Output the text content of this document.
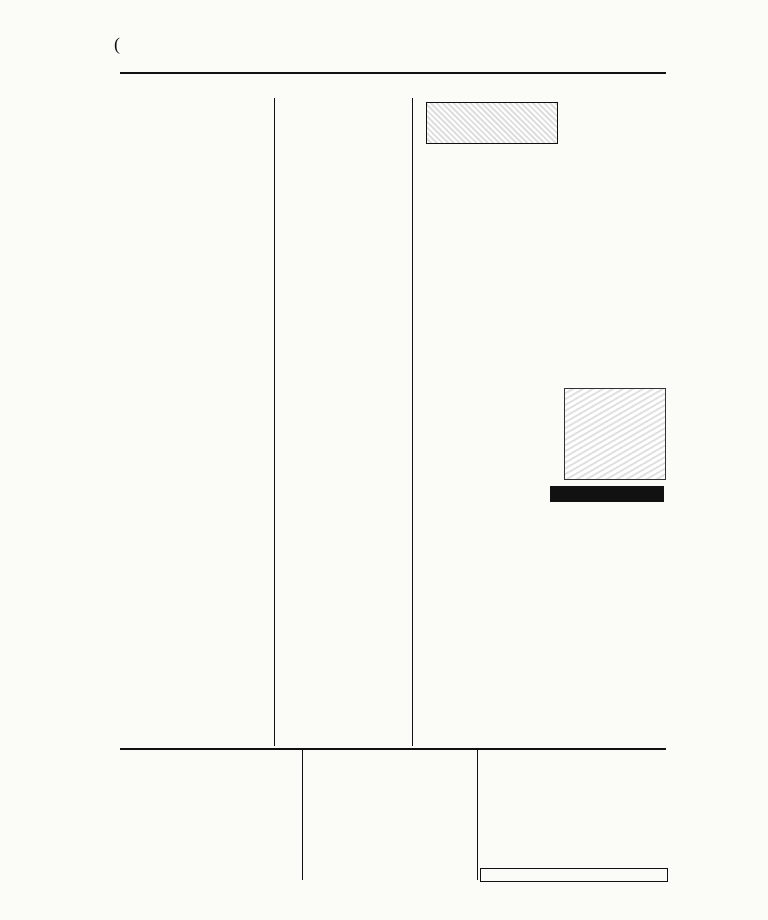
(
